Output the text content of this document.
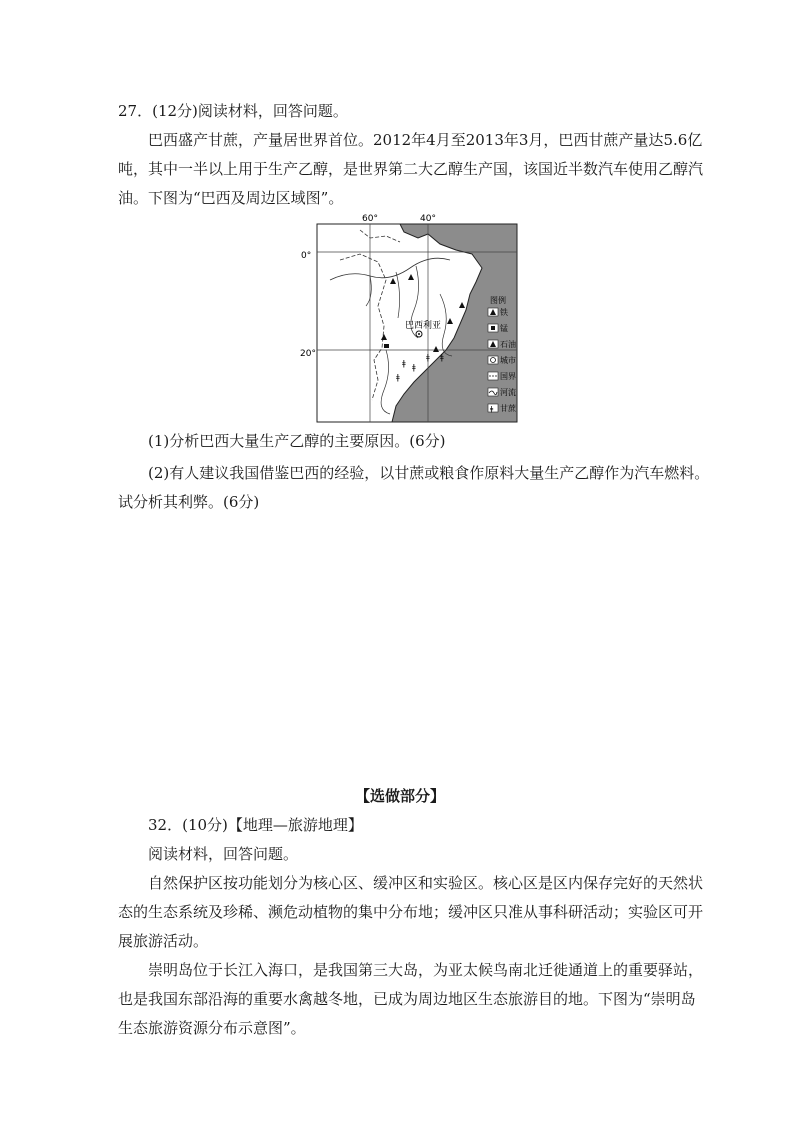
27．(12分)阅读材料，回答问题。
巴西盛产甘蔗，产量居世界首位。2012年4月至2013年3月，巴西甘蔗产量达5.6亿
吨，其中一半以上用于生产乙醇，是世界第二大乙醇生产国，该国近半数汽车使用乙醇汽
油。下图为“巴西及周边区域图”。
60°	40°
0°
20°
巴西利亚
ǂ ǂ
ǂ ǂ
ǂ
图例
铁
锰
石油
城市
国界
河流
ǂ 甘蔗
(1)分析巴西大量生产乙醇的主要原因。(6分)
(2)有人建议我国借鉴巴西的经验，以甘蔗或粮食作原料大量生产乙醇作为汽车燃料。
试分析其利弊。(6分)
【选做部分】
32．(10分)【地理—旅游地理】
阅读材料，回答问题。
自然保护区按功能划分为核心区、缓冲区和实验区。核心区是区内保存完好的天然状
态的生态系统及珍稀、濒危动植物的集中分布地；缓冲区只准从事科研活动；实验区可开
展旅游活动。
崇明岛位于长江入海口，是我国第三大岛，为亚太候鸟南北迁徙通道上的重要驿站，
也是我国东部沿海的重要水禽越冬地，已成为周边地区生态旅游目的地。下图为“崇明岛
生态旅游资源分布示意图”。
